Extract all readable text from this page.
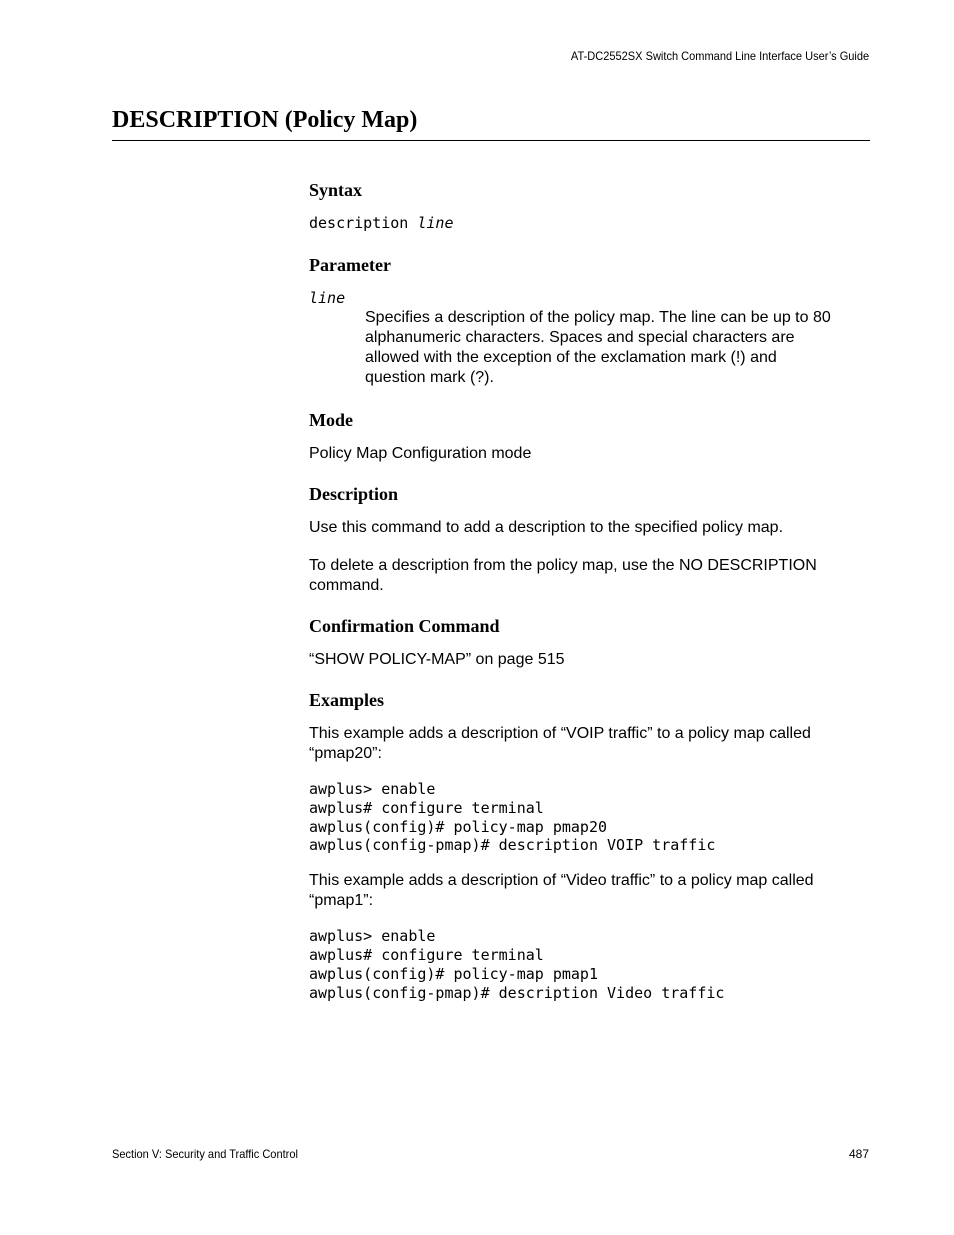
AT-DC2552SX Switch Command Line Interface User’s Guide
DESCRIPTION (Policy Map)
Syntax
description line
Parameter
line
Specifies a description of the policy map. The line can be up to 80
alphanumeric characters. Spaces and special characters are
allowed with the exception of the exclamation mark (!) and
question mark (?).
Mode
Policy Map Configuration mode
Description
Use this command to add a description to the specified policy map.
To delete a description from the policy map, use the NO DESCRIPTION
command.
Confirmation Command
“SHOW POLICY-MAP” on page 515
Examples
This example adds a description of “VOIP traffic” to a policy map called
“pmap20”:
awplus> enable
awplus# configure terminal
awplus(config)# policy-map pmap20
awplus(config-pmap)# description VOIP traffic
This example adds a description of “Video traffic” to a policy map called
“pmap1”:
awplus> enable
awplus# configure terminal
awplus(config)# policy-map pmap1
awplus(config-pmap)# description Video traffic
Section V: Security and Traffic Control	487
